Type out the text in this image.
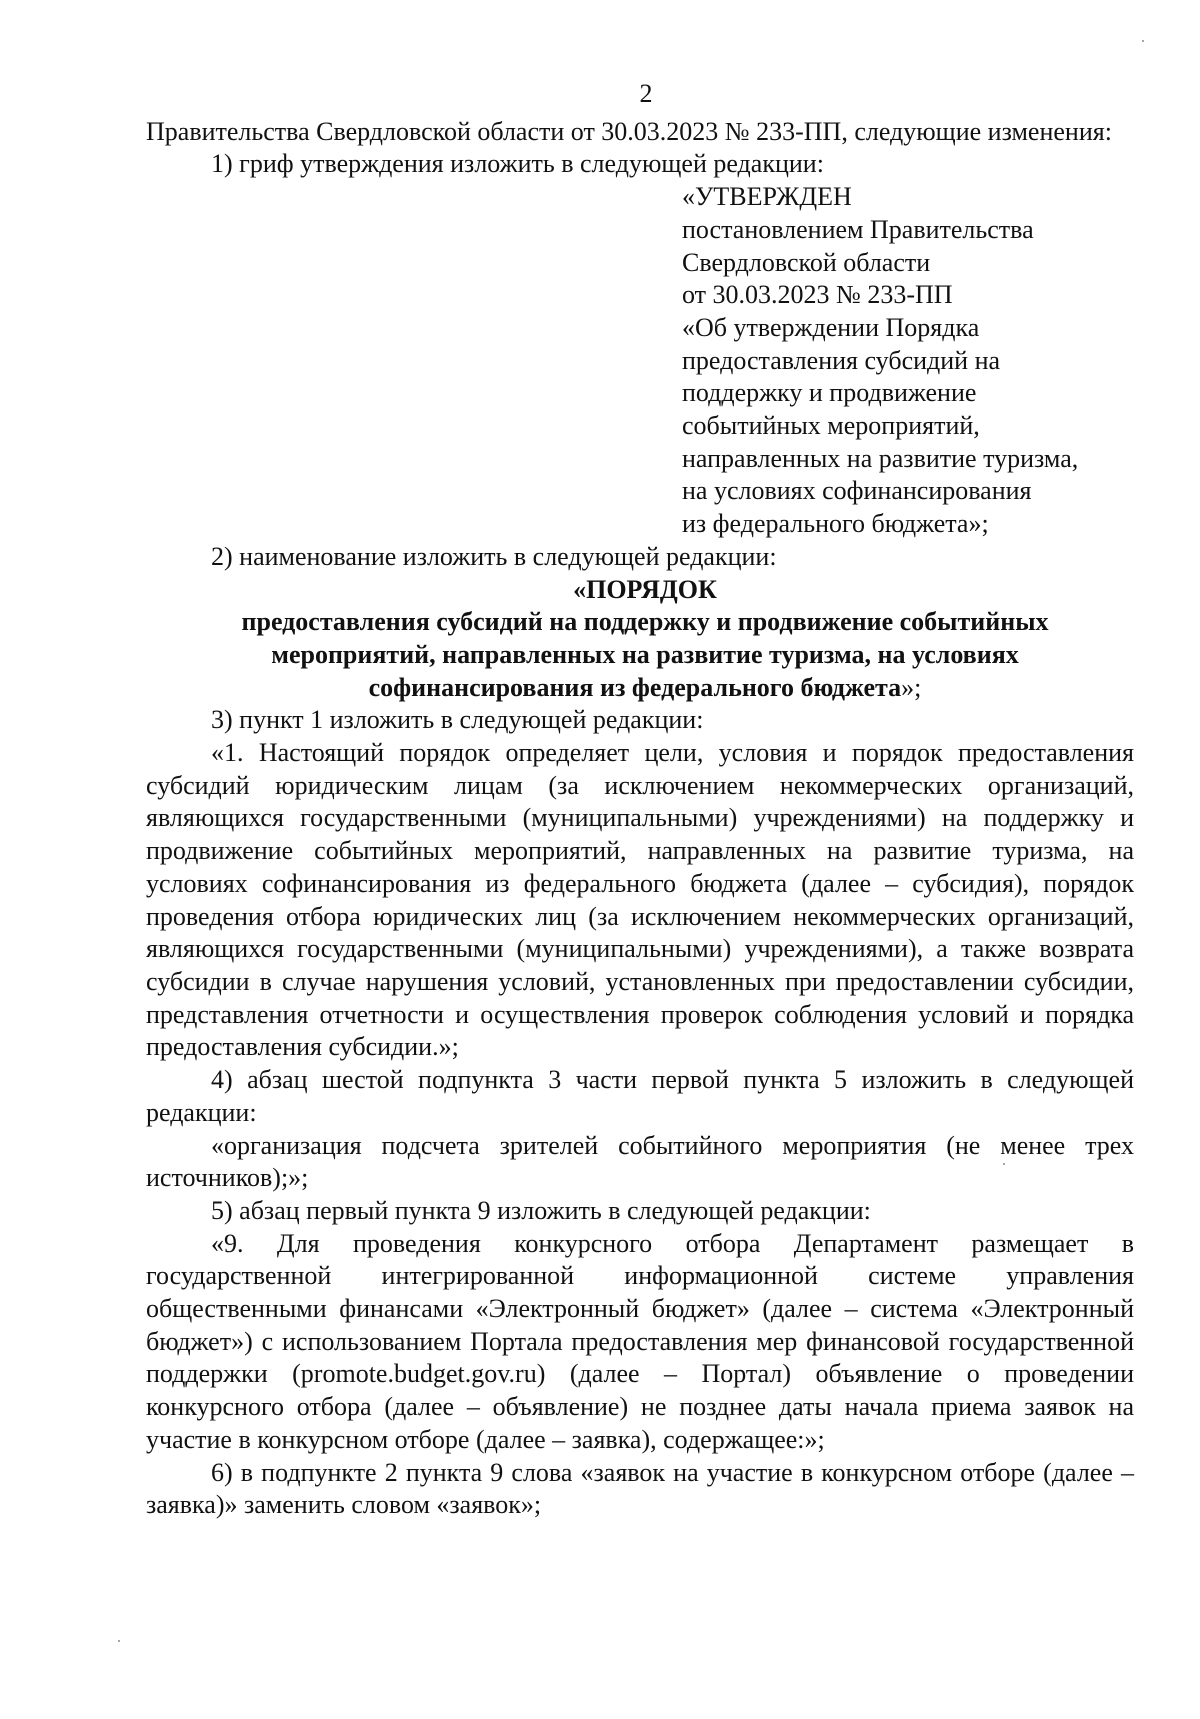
2

Правительства Свердловской области от 30.03.2023 № 233-ПП, следующие изменения:

1) гриф утверждения изложить в следующей редакции:

«УТВЕРЖДЕН
постановлением Правительства
Свердловской области
от 30.03.2023 № 233-ПП
«Об утверждении Порядка
предоставления субсидий на
поддержку и продвижение
событийных мероприятий,
направленных на развитие туризма,
на условиях софинансирования
из федерального бюджета»;

2) наименование изложить в следующей редакции:

«ПОРЯДОК
предоставления субсидий на поддержку и продвижение событийных
мероприятий, направленных на развитие туризма, на условиях
софинансирования из федерального бюджета»;

3) пункт 1 изложить в следующей редакции:

«1. Настоящий порядок определяет цели, условия и порядок предоставления субсидий юридическим лицам (за исключением некоммерческих организаций, являющихся государственными (муниципальными) учреждениями) на поддержку и продвижение событийных мероприятий, направленных на развитие туризма, на условиях софинансирования из федерального бюджета (далее – субсидия), порядок проведения отбора юридических лиц (за исключением некоммерческих организаций, являющихся государственными (муниципальными) учреждениями), а также возврата субсидии в случае нарушения условий, установленных при предоставлении субсидии, представления отчетности и осуществления проверок соблюдения условий и порядка предоставления субсидии.»;

4) абзац шестой подпункта 3 части первой пункта 5 изложить в следующей редакции:

«организация подсчета зрителей событийного мероприятия (не менее трех источников);»;

5) абзац первый пункта 9 изложить в следующей редакции:

«9. Для проведения конкурсного отбора Департамент размещает в государственной интегрированной информационной системе управления общественными финансами «Электронный бюджет» (далее – система «Электронный бюджет») с использованием Портала предоставления мер финансовой государственной поддержки (promote.budget.gov.ru) (далее – Портал) объявление о проведении конкурсного отбора (далее – объявление) не позднее даты начала приема заявок на участие в конкурсном отборе (далее – заявка), содержащее:»;

6) в подпункте 2 пункта 9 слова «заявок на участие в конкурсном отборе (далее – заявка)» заменить словом «заявок»;
